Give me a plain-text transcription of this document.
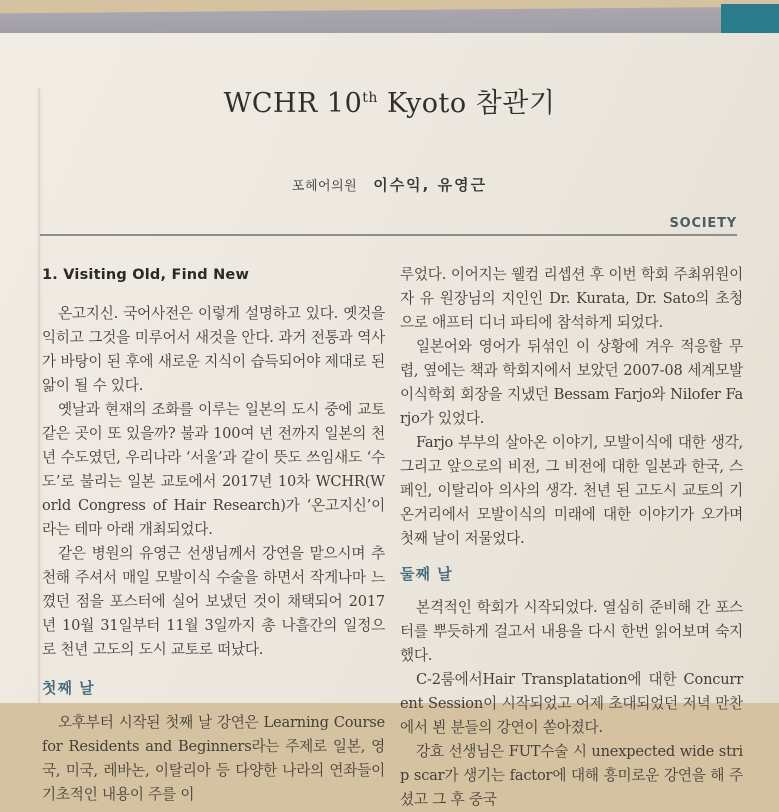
WCHR 10th Kyoto 참관기
포헤어의원 이수익, 유영근
SOCIETY
1. Visiting Old, Find New

온고지신. 국어사전은 이렇게 설명하고 있다. 옛것을 익히고 그것을 미루어서 새것을 안다. 과거 전통과 역사가 바탕이 된 후에 새로운 지식이 습득되어야 제대로 된 앎이 될 수 있다.

옛날과 현재의 조화를 이루는 일본의 도시 중에 교토 같은 곳이 또 있을까? 불과 100여 년 전까지 일본의 천년 수도였던, 우리나라 ‘서울’과 같이 뜻도 쓰임새도 ‘수도’로 불리는 일본 교토에서 2017년 10차 WCHR(World Congress of Hair Research)가 ‘온고지신’이라는 테마 아래 개최되었다.

같은 병원의 유영근 선생님께서 강연을 맡으시며 추천해 주셔서 매일 모발이식 수술을 하면서 작게나마 느꼈던 점을 포스터에 실어 보냈던 것이 채택되어 2017년 10월 31일부터 11월 3일까지 총 나흘간의 일정으로 천년 고도의 도시 교토로 떠났다.

첫째 날

오후부터 시작된 첫째 날 강연은 Learning Course for Residents and Beginners라는 주제로 일본, 영국, 미국, 레바논, 이탈리아 등 다양한 나라의 연좌들이 기초적인 내용이 주를 이

루었다. 이어지는 웰컴 리셉션 후 이번 학회 주최위원이자 유 원장님의 지인인 Dr. Kurata, Dr. Sato의 초청으로 애프터 디너 파티에 참석하게 되었다.

일본어와 영어가 뒤섞인 이 상황에 겨우 적응할 무렵, 옆에는 책과 학회지에서 보았던 2007-08 세계모발이식학회 회장을 지냈던 Bessam Farjo와 Nilofer Farjo가 있었다.

Farjo 부부의 살아온 이야기, 모발이식에 대한 생각, 그리고 앞으로의 비전, 그 비전에 대한 일본과 한국, 스페인, 이탈리아 의사의 생각. 천년 된 고도시 교토의 기온거리에서 모발이식의 미래에 대한 이야기가 오가며 첫째 날이 저물었다.

둘째 날

본격적인 학회가 시작되었다. 열심히 준비해 간 포스터를 뿌듯하게 걸고서 내용을 다시 한번 읽어보며 숙지했다.

C-2룸에서Hair Transplatation에 대한 Concurrent Session이 시작되었고 어제 초대되었던 저녁 만찬에서 뵌 분들의 강연이 쏟아졌다.

강효 선생님은 FUT수술 시 unexpected wide strip scar가 생기는 factor에 대해 흥미로운 강연을 해 주셨고 그 후 중국
